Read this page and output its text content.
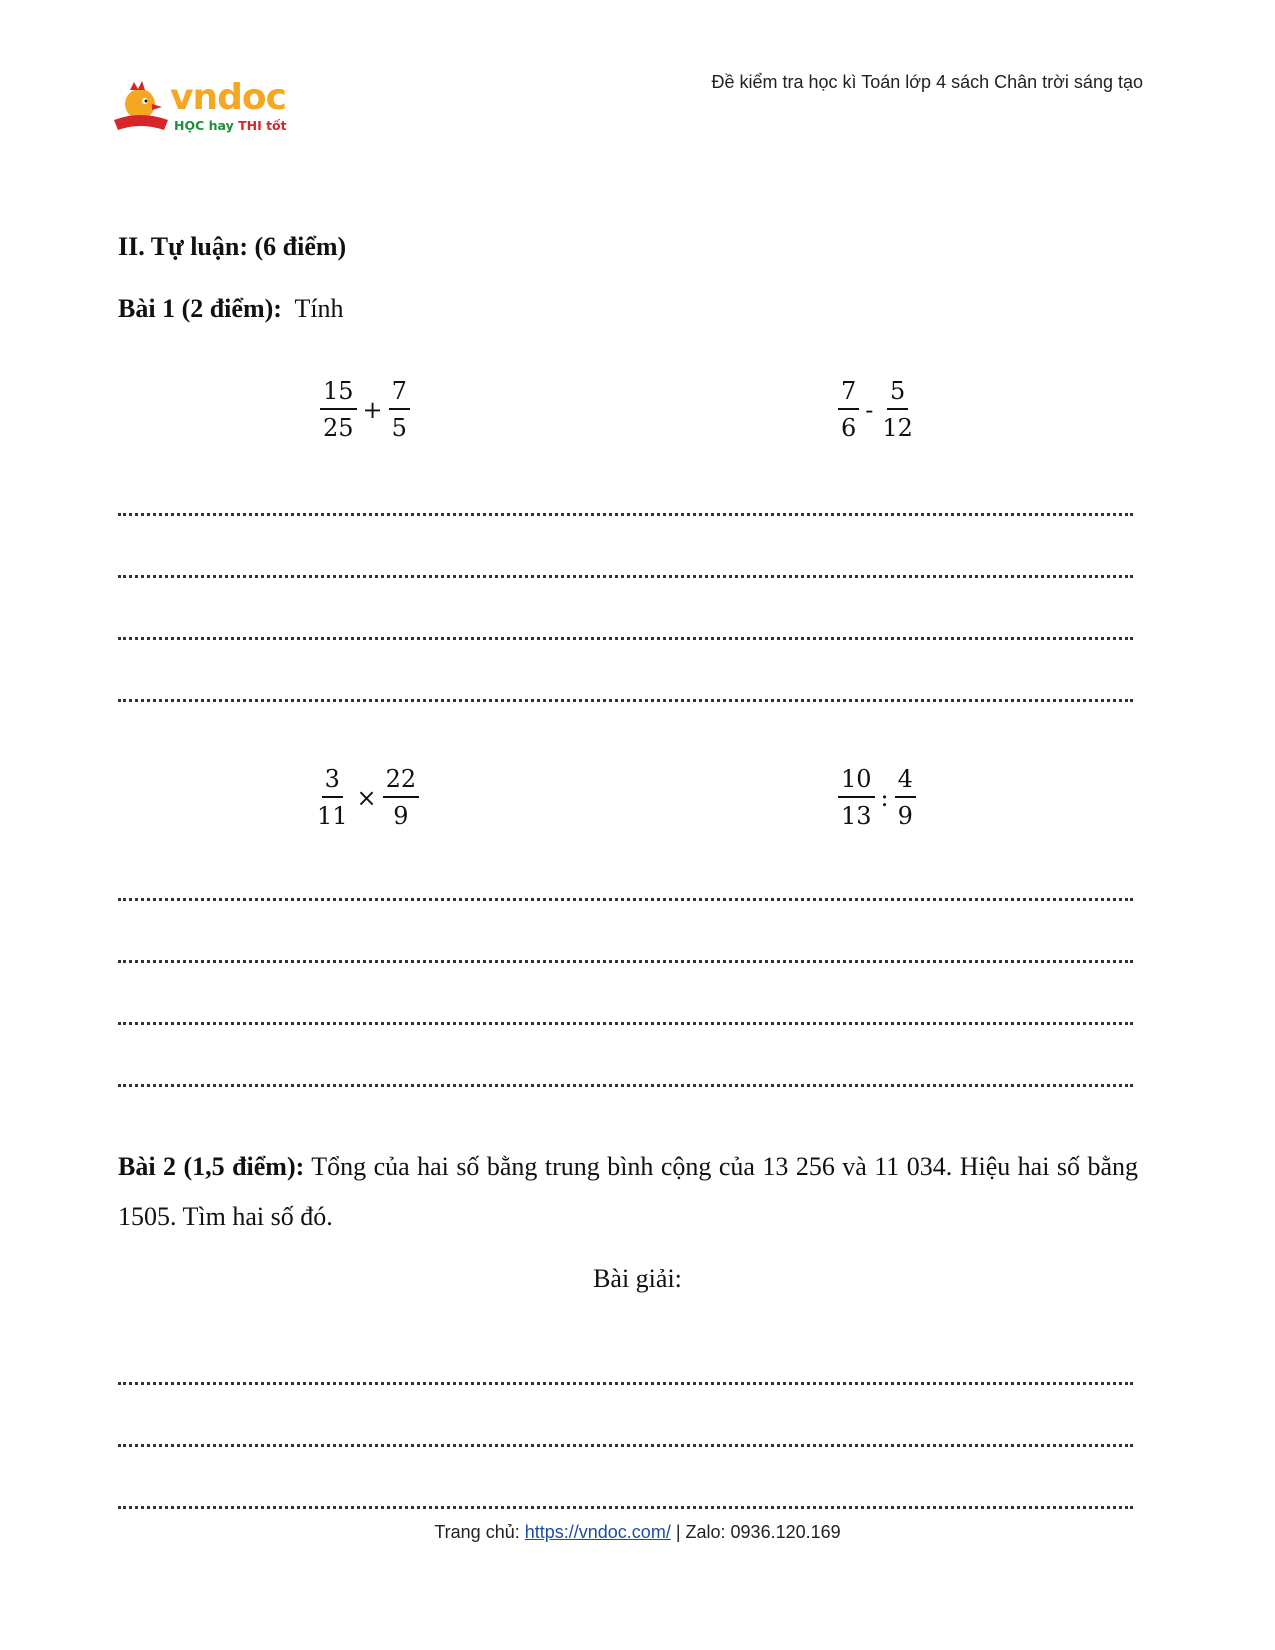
vndoc
HỌC hay THI tốt
Đề kiểm tra học kì Toán lớp 4 sách Chân trời sáng tạo
II. Tự luận: (6 điểm)
Bài 1 (2 điểm): Tính
$\frac{15}{25} + \frac{7}{5}$	$\frac{7}{6} - \frac{5}{12}$
$\frac{3}{11} \times \frac{22}{9}$	$\frac{10}{13}$ : $\frac{4}{9}$
Bài 2 (1,5 điểm): Tổng của hai số bằng trung bình cộng của 13 256 và 11 034. Hiệu hai số bằng 1505. Tìm hai số đó.
Bài giải:
Trang chủ: https://vndoc.com/ | Zalo: 0936.120.169
